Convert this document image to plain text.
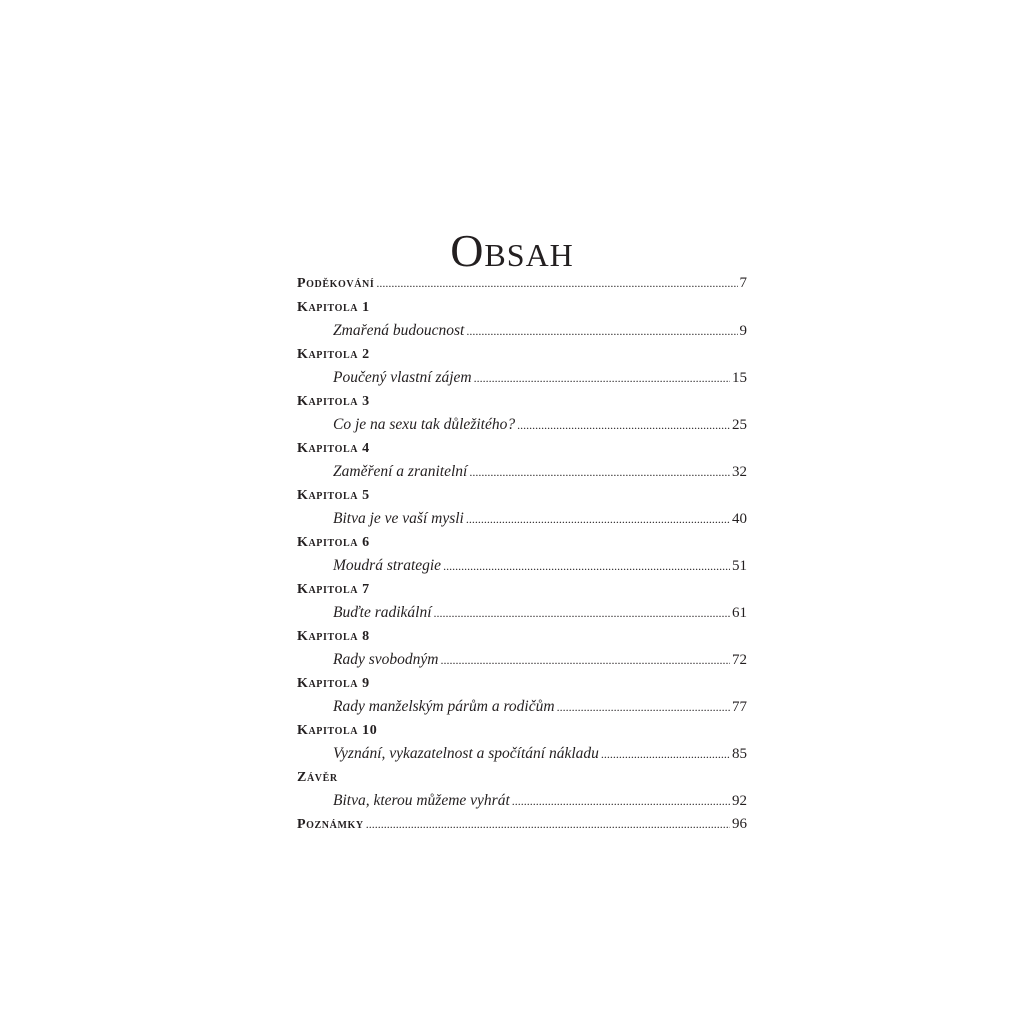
Obsah
Poděkování .....	7
Kapitola 1
Zmařená budoucnost .....	9
Kapitola 2
Poučený vlastní zájem .....	15
Kapitola 3
Co je na sexu tak důležitého? .....	25
Kapitola 4
Zaměření a zranitelní .....	32
Kapitola 5
Bitva je ve vaší mysli .....	40
Kapitola 6
Moudrá strategie .....	51
Kapitola 7
Buďte radikální .....	61
Kapitola 8
Rady svobodným .....	72
Kapitola 9
Rady manželským párům a rodičům .....	77
Kapitola 10
Vyznání, vykazatelnost a spočítání nákladu .....	85
Závěr
Bitva, kterou můžeme vyhrát .....	92
Poznámky .....	96
